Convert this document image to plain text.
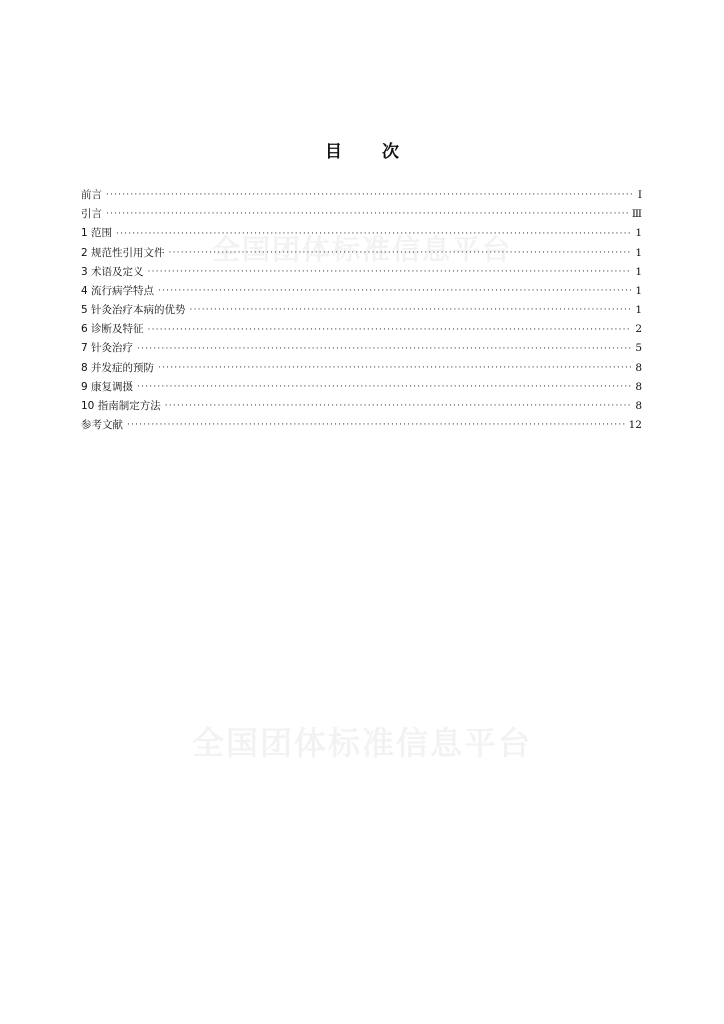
全国团体标准信息平台
全国团体标准信息平台
目 次
前言 ·····	Ⅰ
引言 ·····	Ⅲ
1 范围 ·····	1
2 规范性引用文件 ·····	1
3 术语及定义 ·····	1
4 流行病学特点 ·····	1
5 针灸治疗本病的优势 ·····	1
6 诊断及特征 ·····	2
7 针灸治疗 ·····	5
8 并发症的预防 ·····	8
9 康复调摄 ·····	8
10 指南制定方法 ·····	8
参考文献 ·····	12
